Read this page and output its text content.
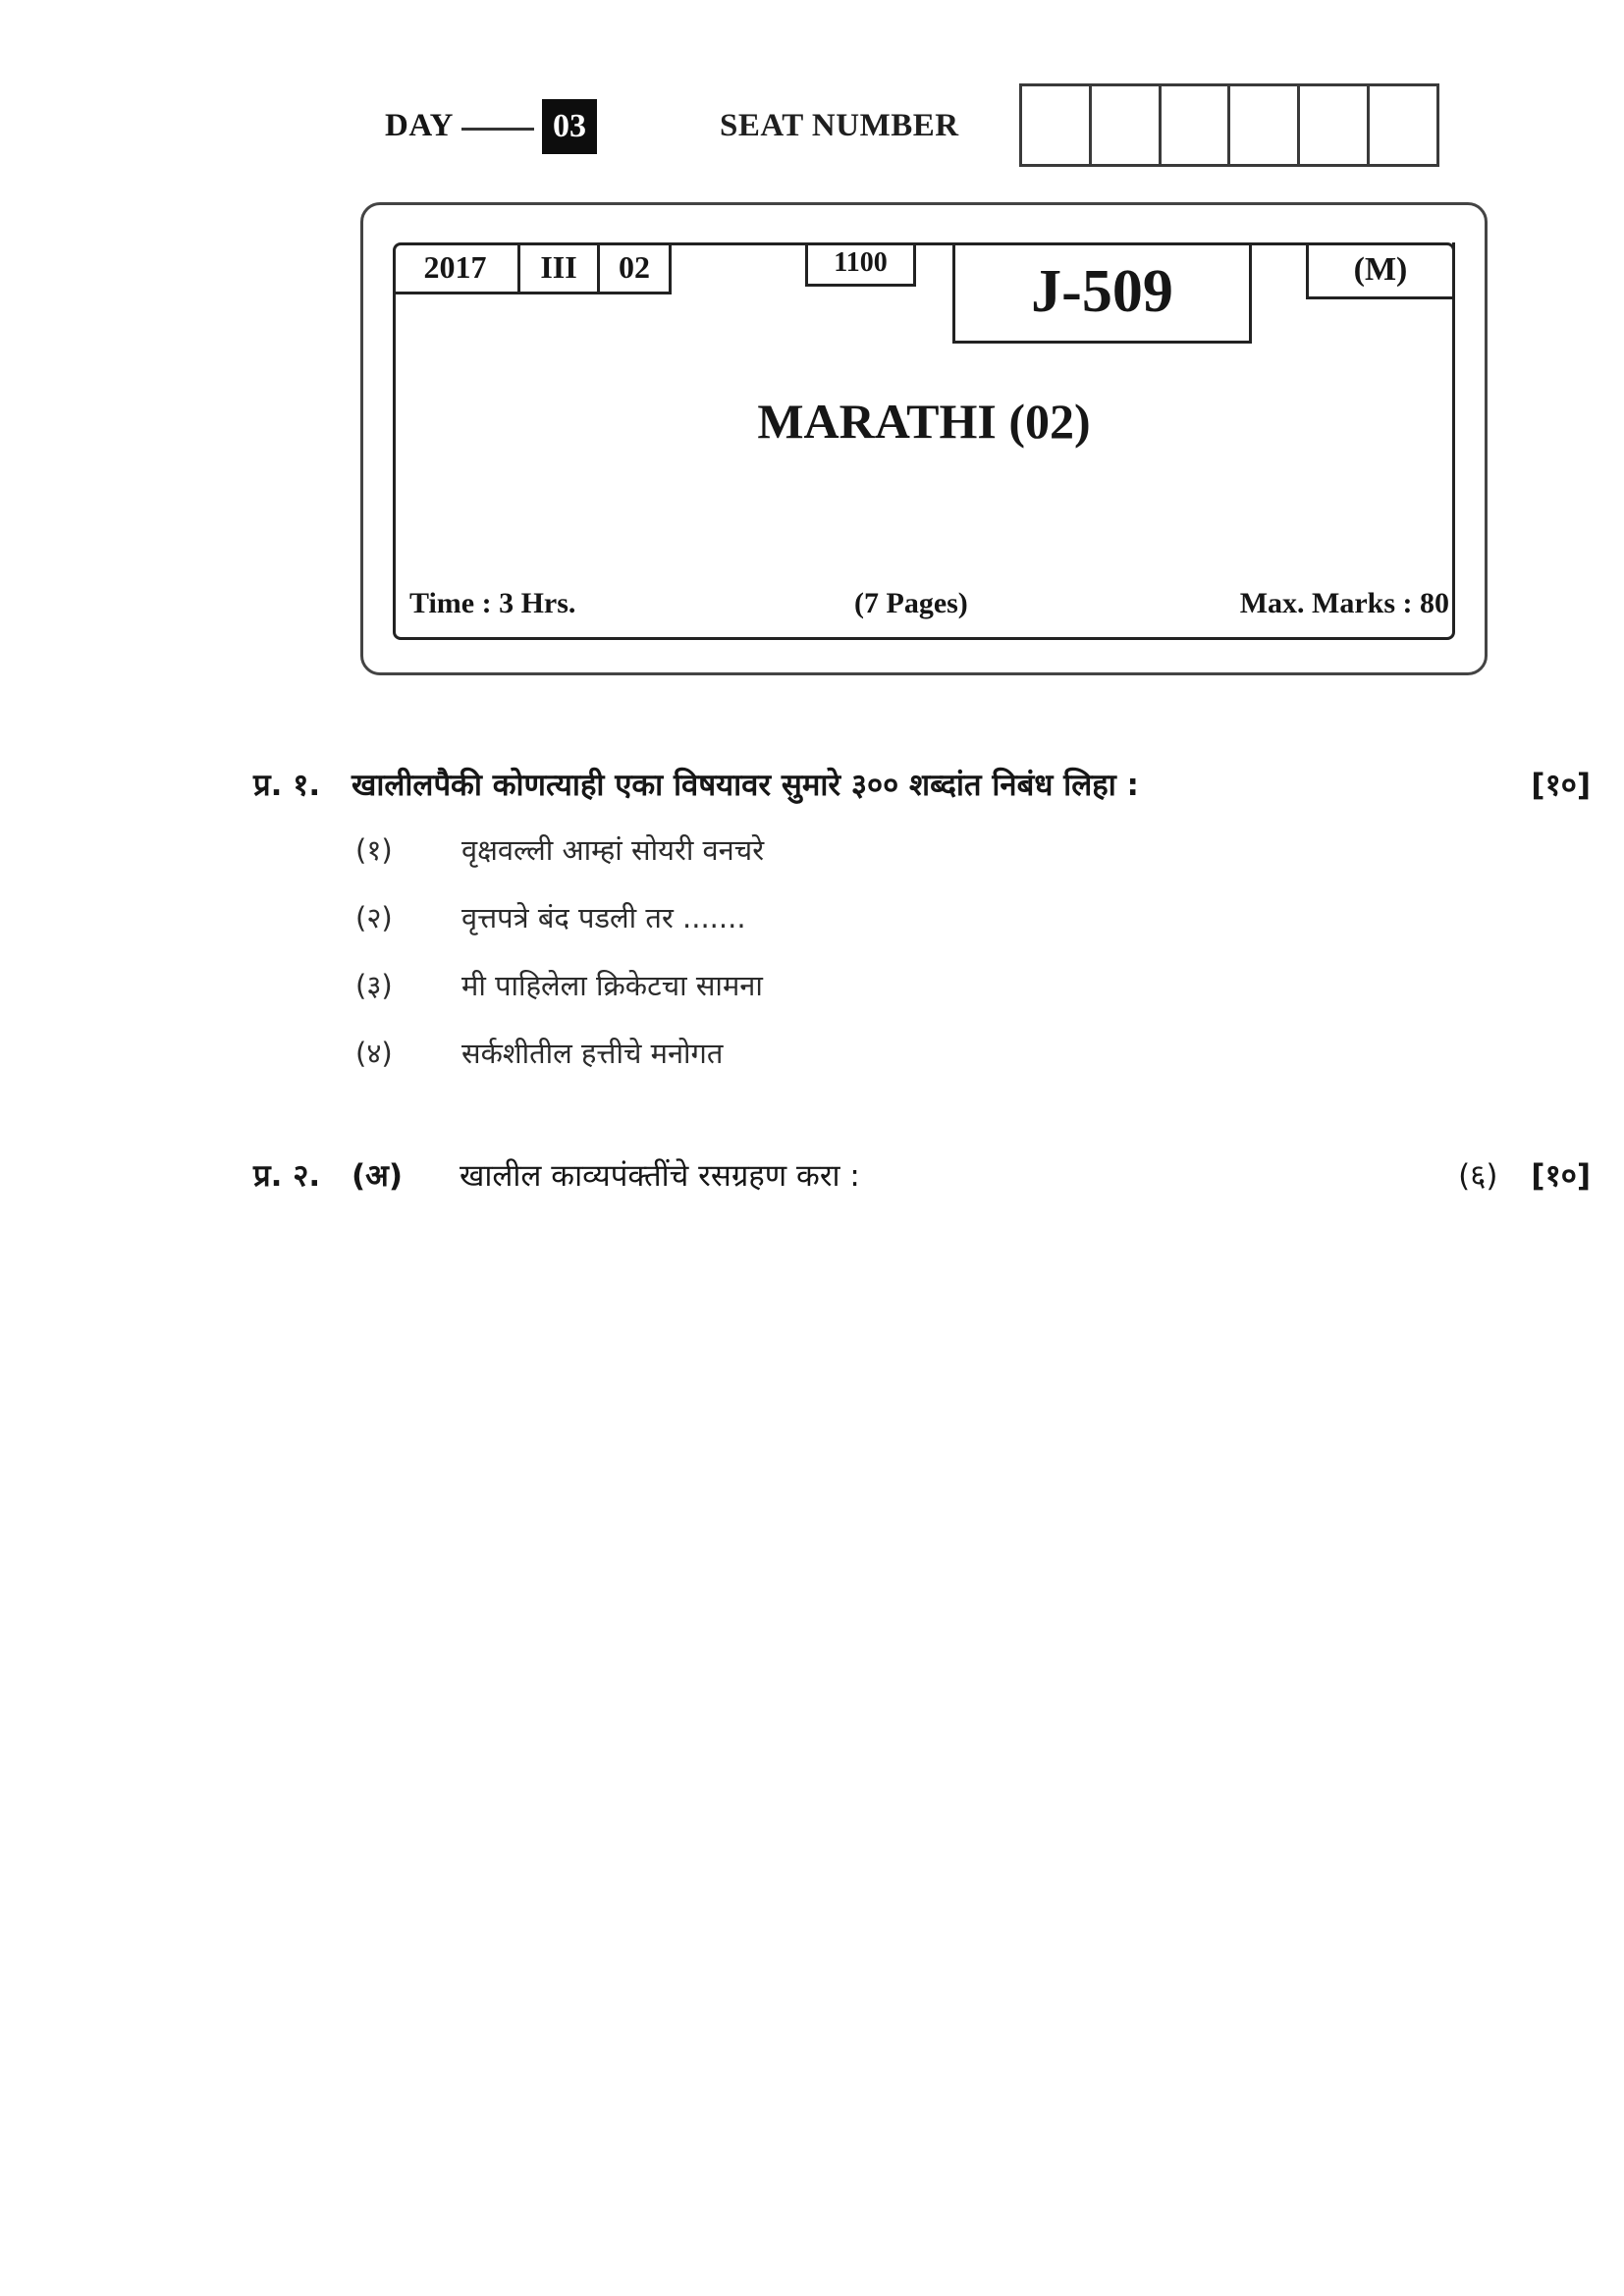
DAY	03	SEAT NUMBER
2017	III	02	1100	J-509	(M)
MARATHI (02)
Time : 3 Hrs.	(7 Pages)	Max. Marks : 80
प्र. १.	खालीलपैकी कोणत्याही एका विषयावर सुमारे ३०० शब्दांत निबंध लिहा :	[१०]
(१)	वृक्षवल्ली आम्हां सोयरी वनचरे
(२)	वृत्तपत्रे बंद पडली तर .......
(३)	मी पाहिलेला क्रिकेटचा सामना
(४)	सर्कशीतील हत्तीचे मनोगत
प्र. २.	(अ)	खालील काव्यपंक्तींचे रसग्रहण करा :	(६) [१०]
